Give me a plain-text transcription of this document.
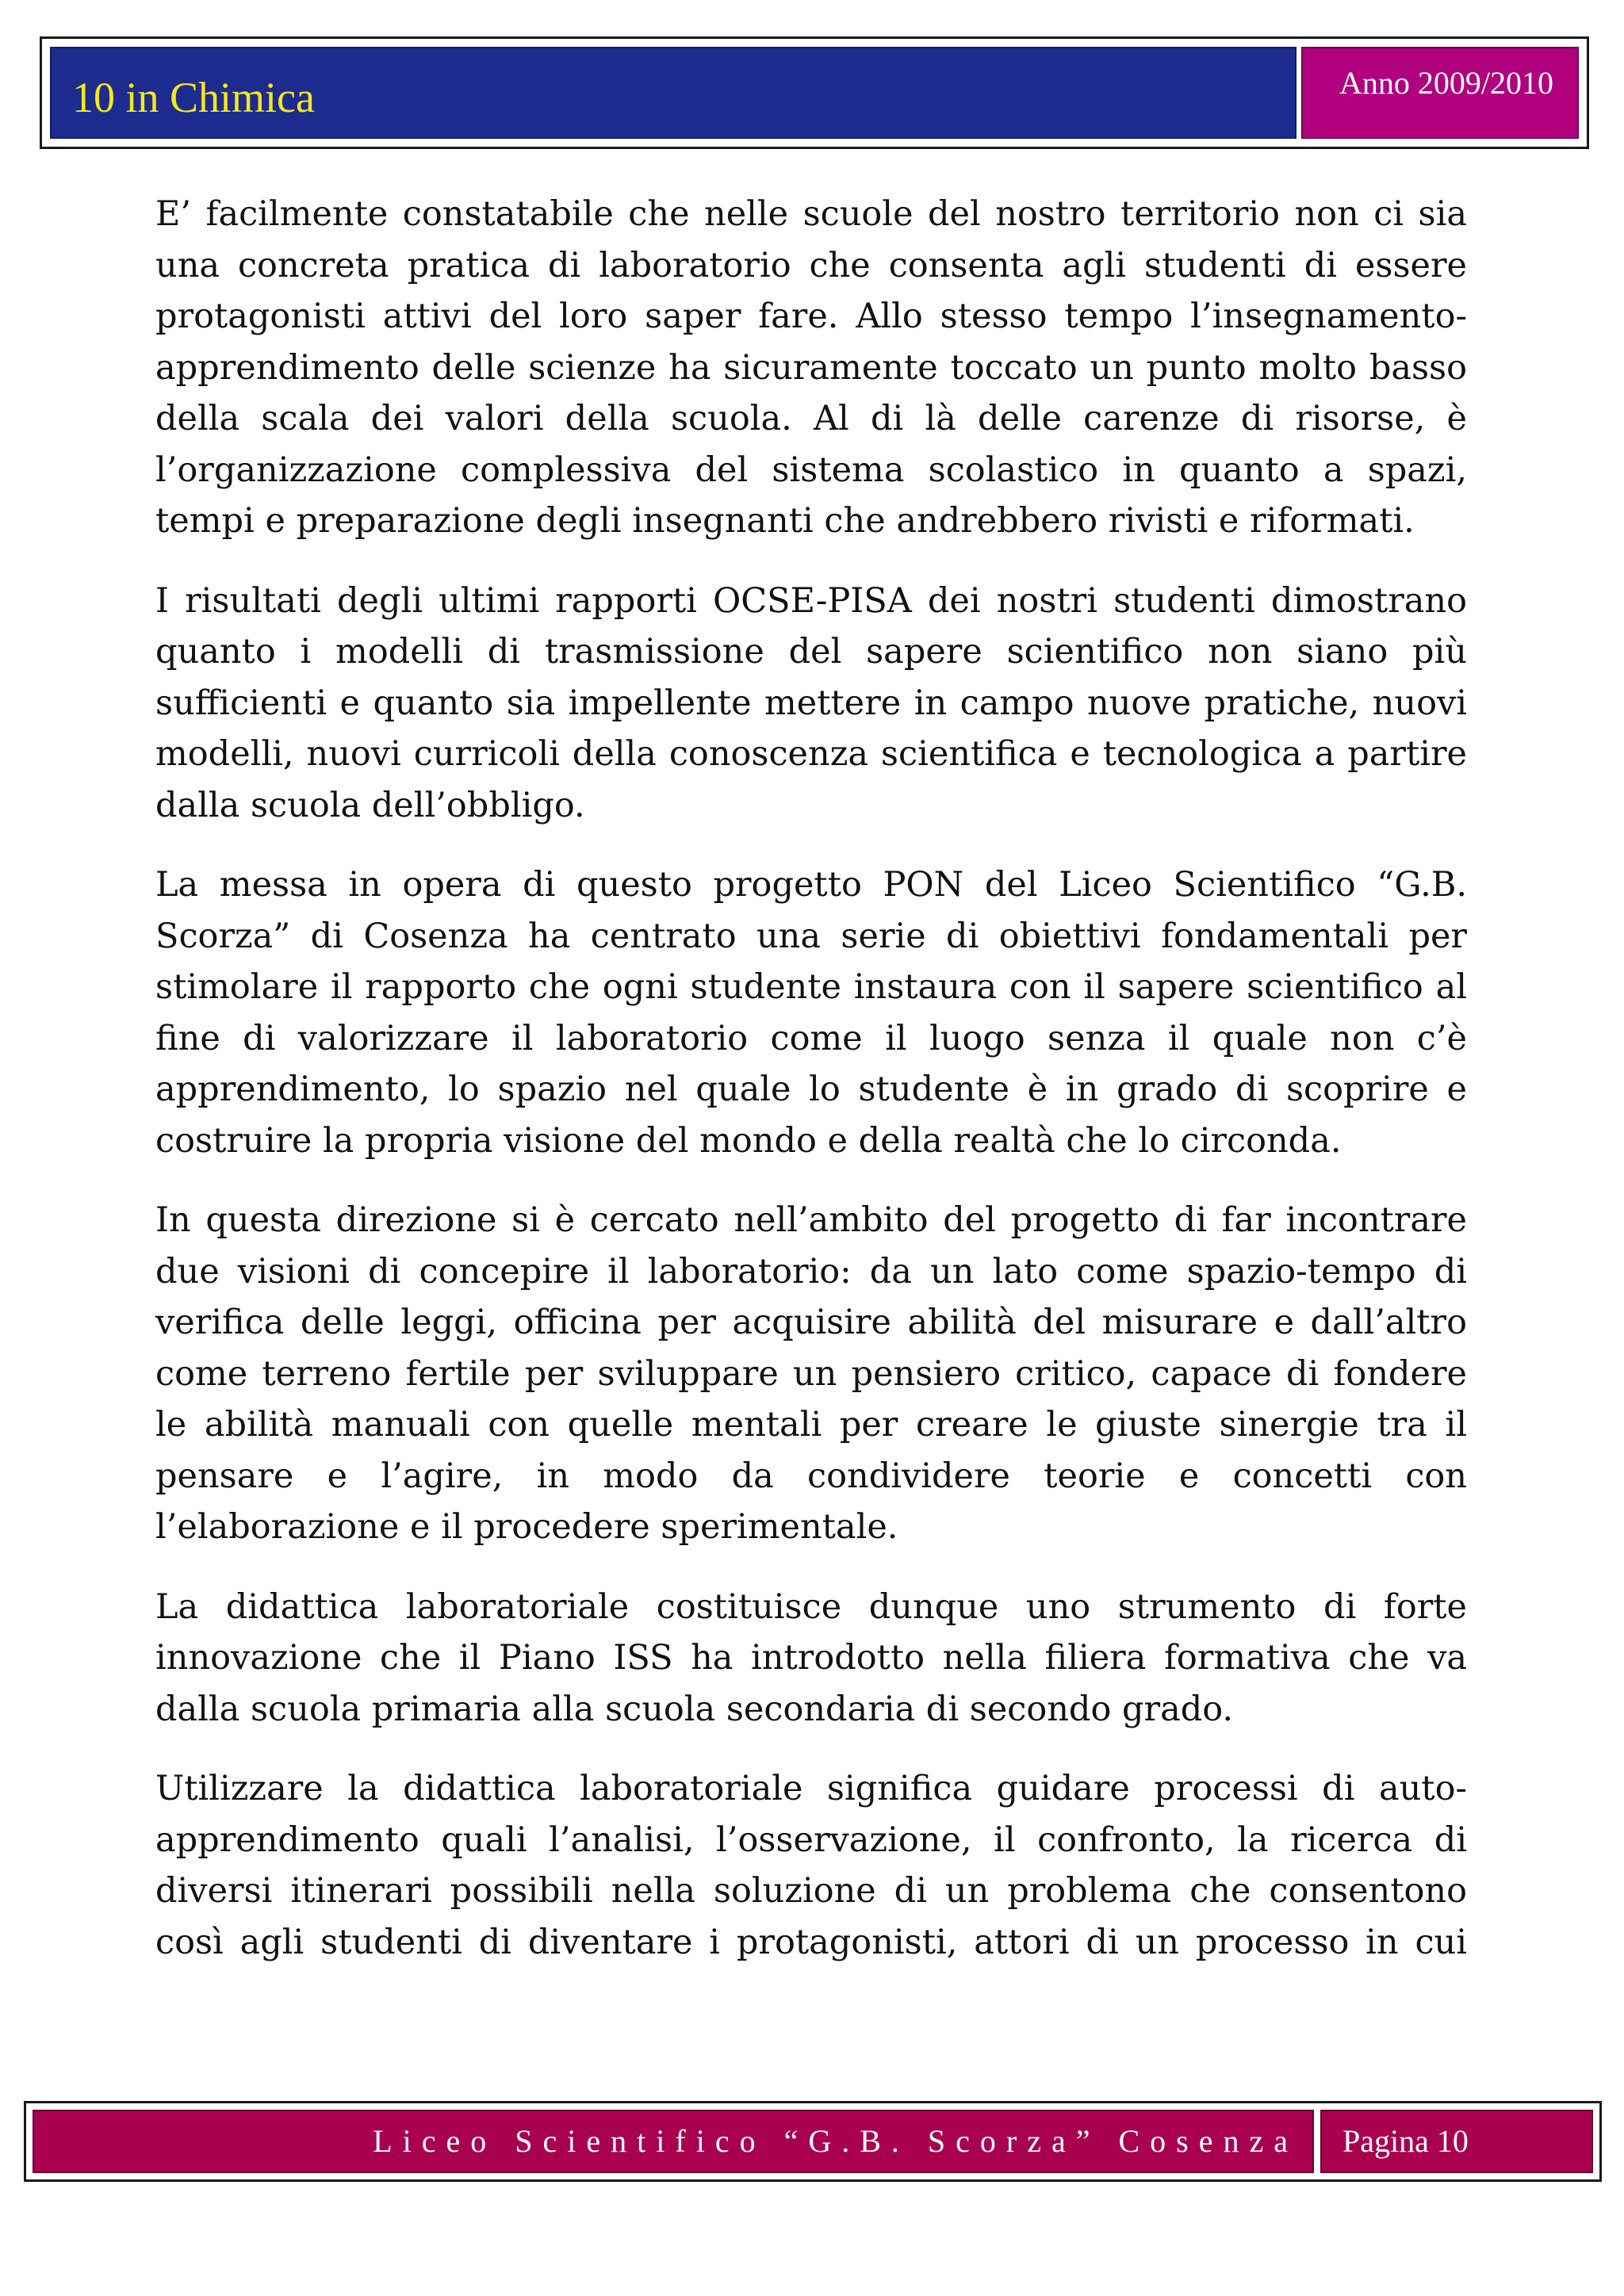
10 in Chimica	Anno 2009/2010

E’ facilmente constatabile che nelle scuole del nostro territorio non ci sia una concreta pratica di laboratorio che consenta agli studenti di essere protagonisti attivi del loro saper fare. Allo stesso tempo l’insegnamento-apprendimento delle scienze ha sicuramente toccato un punto molto basso della scala dei valori della scuola. Al di là delle carenze di risorse, è l’organizzazione complessiva del sistema scolastico in quanto a spazi, tempi e preparazione degli insegnanti che andrebbero rivisti e riformati.

I risultati degli ultimi rapporti OCSE-PISA dei nostri studenti dimostrano quanto i modelli di trasmissione del sapere scientifico non siano più sufficienti e quanto sia impellente mettere in campo nuove pratiche, nuovi modelli, nuovi curricoli della conoscenza scientifica e tecnologica a partire dalla scuola dell’obbligo.

La messa in opera di questo progetto PON del Liceo Scientifico “G.B. Scorza” di Cosenza ha centrato una serie di obiettivi fondamentali per stimolare il rapporto che ogni studente instaura con il sapere scientifico al fine di valorizzare il laboratorio come il luogo senza il quale non c’è apprendimento, lo spazio nel quale lo studente è in grado di scoprire e costruire la propria visione del mondo e della realtà che lo circonda.

In questa direzione si è cercato nell’ambito del progetto di far incontrare due visioni di concepire il laboratorio: da un lato come spazio-tempo di verifica delle leggi, officina per acquisire abilità del misurare e dall’altro come terreno fertile per sviluppare un pensiero critico, capace di fondere le abilità manuali con quelle mentali per creare le giuste sinergie tra il pensare e l’agire, in modo da condividere teorie e concetti con l’elaborazione e il procedere sperimentale.

La didattica laboratoriale costituisce dunque uno strumento di forte innovazione che il Piano ISS ha introdotto nella filiera formativa che va dalla scuola primaria alla scuola secondaria di secondo grado.

Utilizzare la didattica laboratoriale significa guidare processi di auto-apprendimento quali l’analisi, l’osservazione, il confronto, la ricerca di diversi itinerari possibili nella soluzione di un problema che consentono così agli studenti di diventare i protagonisti, attori di un processo in cui

Liceo Scientifico “G.B. Scorza” Cosenza Pagina 10
